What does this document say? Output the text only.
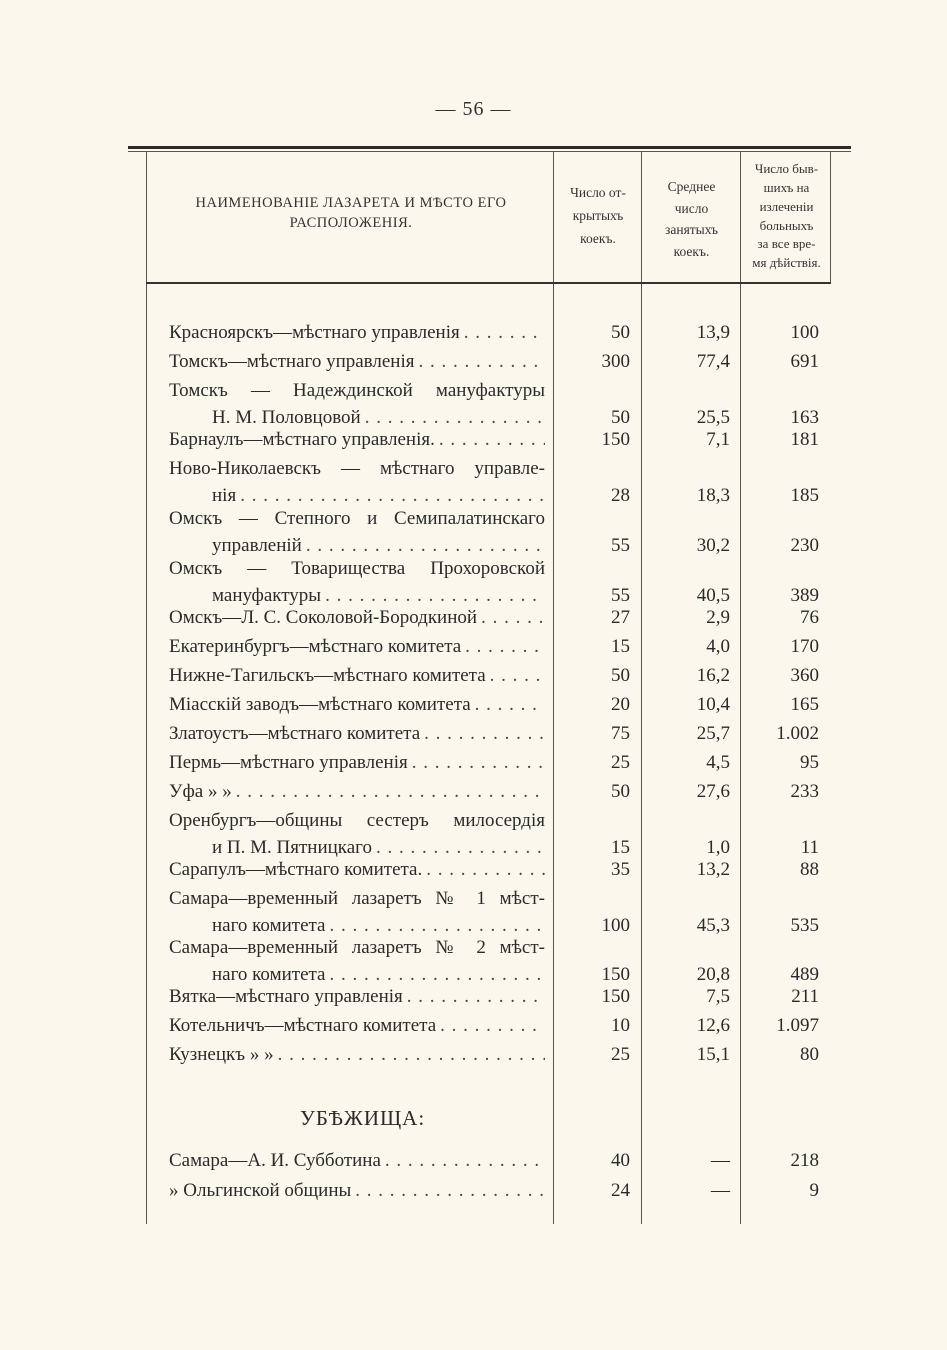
— 56 —
НАИМЕНОВАНІЕ ЛАЗАРЕТА И МѢСТО ЕГО
РАСПОЛОЖЕНІЯ.
Число от-
крытыхъ
коекъ.
Среднее
число
занятыхъ
коекъ.
Число быв-
шихъ на
излеченіи
больныхъ
за все вре-
мя дѣйствія.
Красноярскъ—мѣстнаго управленія . . .	50	13,9	100
Томскъ—мѣстнаго управленія . . .	300	77,4	691
Томскъ — Надеждинской мануфактуры
Н. М. Половцовой . . .	50	25,5	163
Барнаулъ—мѣстнаго управленія. . . .	150	7,1	181
Ново-Николаевскъ — мѣстнаго управле-
нія . . .	28	18,3	185
Омскъ — Степного и Семипалатинскаго
управленій . . .	55	30,2	230
Омскъ — Товарищества Прохоровской
мануфактуры . . .	55	40,5	389
Омскъ—Л. С. Соколовой-Бородкиной . . .	27	2,9	76
Екатеринбургъ—мѣстнаго комитета . . .	15	4,0	170
Нижне-Тагильскъ—мѣстнаго комитета . . .	50	16,2	360
Міасскій заводъ—мѣстнаго комитета . . .	20	10,4	165
Златоустъ—мѣстнаго комитета . . .	75	25,7	1.002
Пермь—мѣстнаго управленія . . .	25	4,5	95
Уфа » » . . .	50	27,6	233
Оренбургъ—общины сестеръ милосердія
и П. М. Пятницкаго . . .	15	1,0	11
Сарапулъ—мѣстнаго комитета. . . .	35	13,2	88
Самара—временный лазаретъ № 1 мѣст-
наго комитета . . .	100	45,3	535
Самара—временный лазаретъ № 2 мѣст-
наго комитета . . .	150	20,8	489
Вятка—мѣстнаго управленія . . .	150	7,5	211
Котельничъ—мѣстнаго комитета . . .	10	12,6	1.097
Кузнецкъ » » . . .	25	15,1	80
Самара—А. И. Субботина . . .	40	—	218
» Ольгинской общины . . .	24	—	9
УБѢЖИЩА:
